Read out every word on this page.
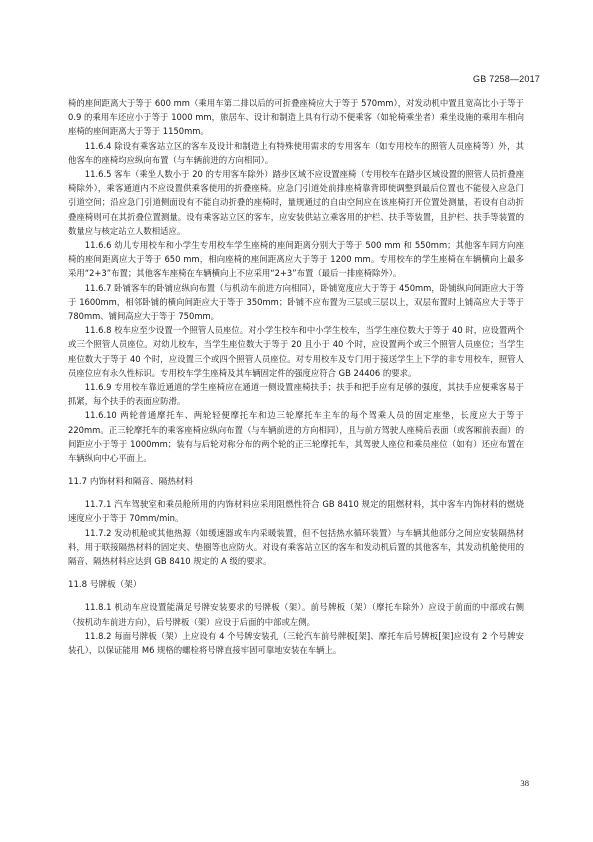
GB 7258—2017

椅的座间距离大于等于 600 mm（乘用车第二排以后的可折叠座椅应大于等于 570mm），对发动机中置且宽高比小于等于 0.9 的乘用车还应小于等于 1000 mm，旅居车、设计和制造上具有行动不便乘客（如轮椅乘坐者）乘坐设施的乘用车相向座椅的座间距离大于等于 1150mm。

11.6.4 除设有乘客站立区的客车及设计和制造上有特殊使用需求的专用客车（如专用校车的照管人员座椅等）外，其他客车的座椅均应纵向布置（与车辆前进的方向相同）。

11.6.5 客车（乘坐人数小于 20 的专用客车除外）踏步区域不应设置座椅（专用校车在踏步区域设置的照管人员折叠座椅除外），乘客通道内不应设置供乘客使用的折叠座椅。应急门引道处前排座椅靠背即使调整到最后位置也不能侵入应急门引道空间；沿应急门引道侧面设有不能自动折叠的座椅时，量规通过的自由空间应在该座椅打开位置处测量，若设有自动折叠座椅则可在其折叠位置测量。设有乘客站立区的客车，应安装供站立乘客用的护栏、扶手等装置，且护栏、扶手等装置的数量应与核定站立人数相适应。

11.6.6 幼儿专用校车和小学生专用校车学生座椅的座间距离分别大于等于 500 mm 和 550mm；其他客车同方向座椅的座间距离应大于等于 650 mm，相向座椅的座间距离应大于等于 1200 mm。专用校车的学生座椅在车辆横向上最多采用“2+3”布置；其他客车座椅在车辆横向上不应采用“2+3”布置（最后一排座椅除外）。

11.6.7 卧铺客车的卧铺应纵向布置（与机动车前进方向相同），卧铺宽度应大于等于 450mm，卧铺纵向间距应大于等于 1600mm，相邻卧铺的横向间距应大于等于 350mm；卧铺不应布置为三层或三层以上，双层布置时上铺高应大于等于 780mm、铺间高应大于等于 750mm。

11.6.8 校车应至少设置一个照管人员座位。对小学生校车和中小学生校车，当学生座位数大于等于 40 时，应设置两个或三个照管人员座位。对幼儿校车，当学生座位数大于等于 20 且小于 40 个时，应设置两个或三个照管人员座位；当学生座位数大于等于 40 个时，应设置三个或四个照管人员座位。对专用校车及专门用于接送学生上下学的非专用校车，照管人员座位应有永久性标识。专用校车学生座椅及其车辆固定件的强度应符合 GB 24406 的要求。

11.6.9 专用校车靠近通道的学生座椅应在通道一侧设置座椅扶手；扶手和把手应有足够的强度，其扶手应便乘客易于抓紧，每个扶手的表面应防滑。

11.6.10 两轮普通摩托车、两轮轻便摩托车和边三轮摩托车主车的每个驾乘人员的固定座垫，长度应大于等于 220mm。正三轮摩托车的乘客座椅应纵向布置（与车辆前进的方向相同），且与前方驾驶人座椅后表面（或客厢前表面）的间距应小于等于 1000mm；装有与后轮对称分布的两个轮的正三轮摩托车，其驾驶人座位和乘员座位（如有）还应布置在车辆纵向中心平面上。

11.7 内饰材料和隔音、隔热材料

11.7.1 汽车驾驶室和乘员舱所用的内饰材料应采用阻燃性符合 GB 8410 规定的阻燃材料，其中客车内饰材料的燃烧速度应小于等于 70mm/min。

11.7.2 发动机舱或其他热源（如缓速器或车内采暖装置，但不包括热水循环装置）与车辆其他部分之间应安装隔热材料，用于联接隔热材料的固定夹、垫圈等也应防火。对设有乘客站立区的客车和发动机后置的其他客车，其发动机舱使用的隔音、隔热材料应达到 GB 8410 规定的 A 级的要求。

11.8 号牌板（架）

11.8.1 机动车应设置能满足号牌安装要求的号牌板（架）。前号牌板（架）（摩托车除外）应设于前面的中部或右侧（按机动车前进方向），后号牌板（架）应设于后面的中部或左侧。

11.8.2 每面号牌板（架）上应设有 4 个号牌安装孔（三轮汽车前号牌板[架]、摩托车后号牌板[架]应设有 2 个号牌安装孔），以保证能用 M6 规格的螺栓将号牌直接牢固可靠地安装在车辆上。

38
